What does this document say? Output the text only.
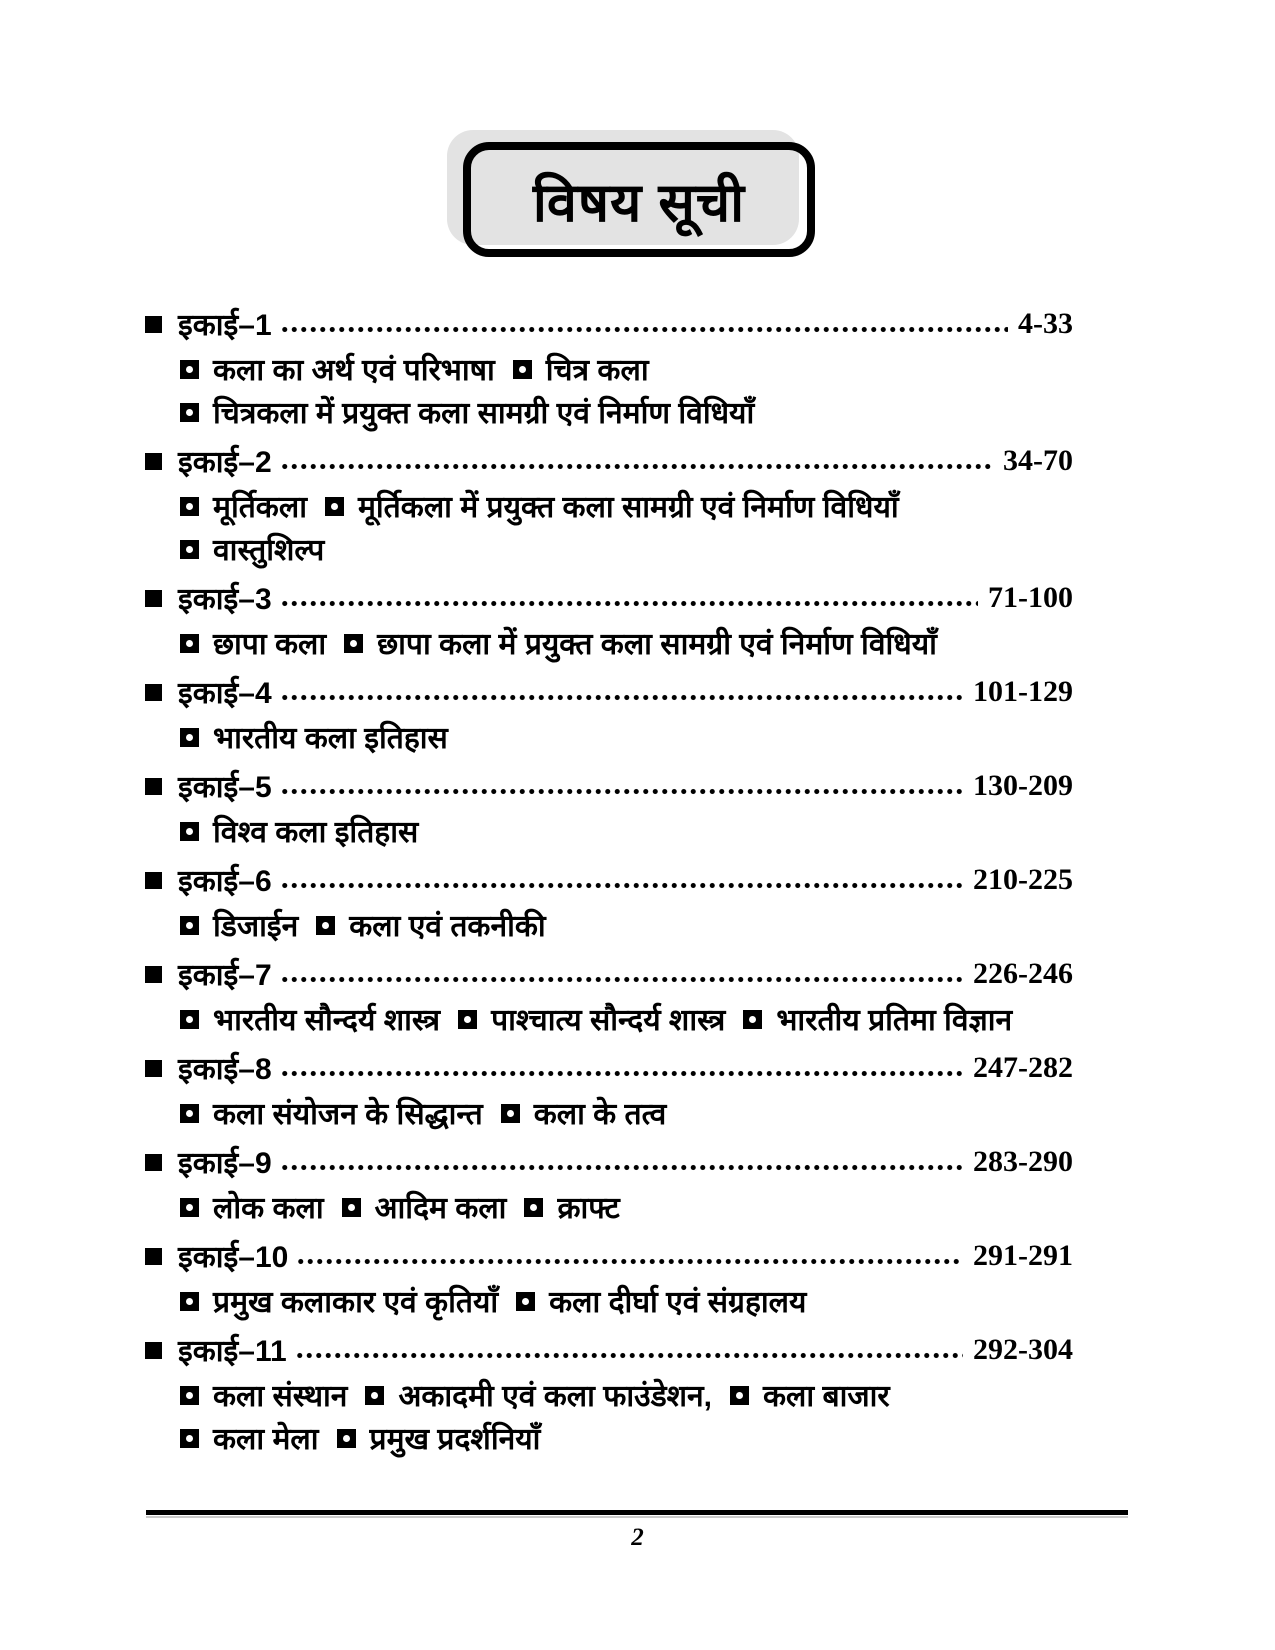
विषय सूची
इकाई–1	4-33
कला का अर्थ एवं परिभाषा चित्र कला
चित्रकला में प्रयुक्त कला सामग्री एवं निर्माण विधियाँ
इकाई–2	34-70
मूर्तिकला मूर्तिकला में प्रयुक्त कला सामग्री एवं निर्माण विधियाँ
वास्तुशिल्प
इकाई–3	71-100
छापा कला छापा कला में प्रयुक्त कला सामग्री एवं निर्माण विधियाँ
इकाई–4	101-129
भारतीय कला इतिहास
इकाई–5	130-209
विश्व कला इतिहास
इकाई–6	210-225
डिजाईन कला एवं तकनीकी
इकाई–7	226-246
भारतीय सौन्दर्य शास्त्र पाश्चात्य सौन्दर्य शास्त्र भारतीय प्रतिमा विज्ञान
इकाई–8	247-282
कला संयोजन के सिद्धान्त कला के तत्व
इकाई–9	283-290
लोक कला आदिम कला क्राफ्ट
इकाई–10	291-291
प्रमुख कलाकार एवं कृतियाँ कला दीर्घा एवं संग्रहालय
इकाई–11	292-304
कला संस्थान अकादमी एवं कला फाउंडेशन, कला बाजार
कला मेला प्रमुख प्रदर्शनियाँ
2
